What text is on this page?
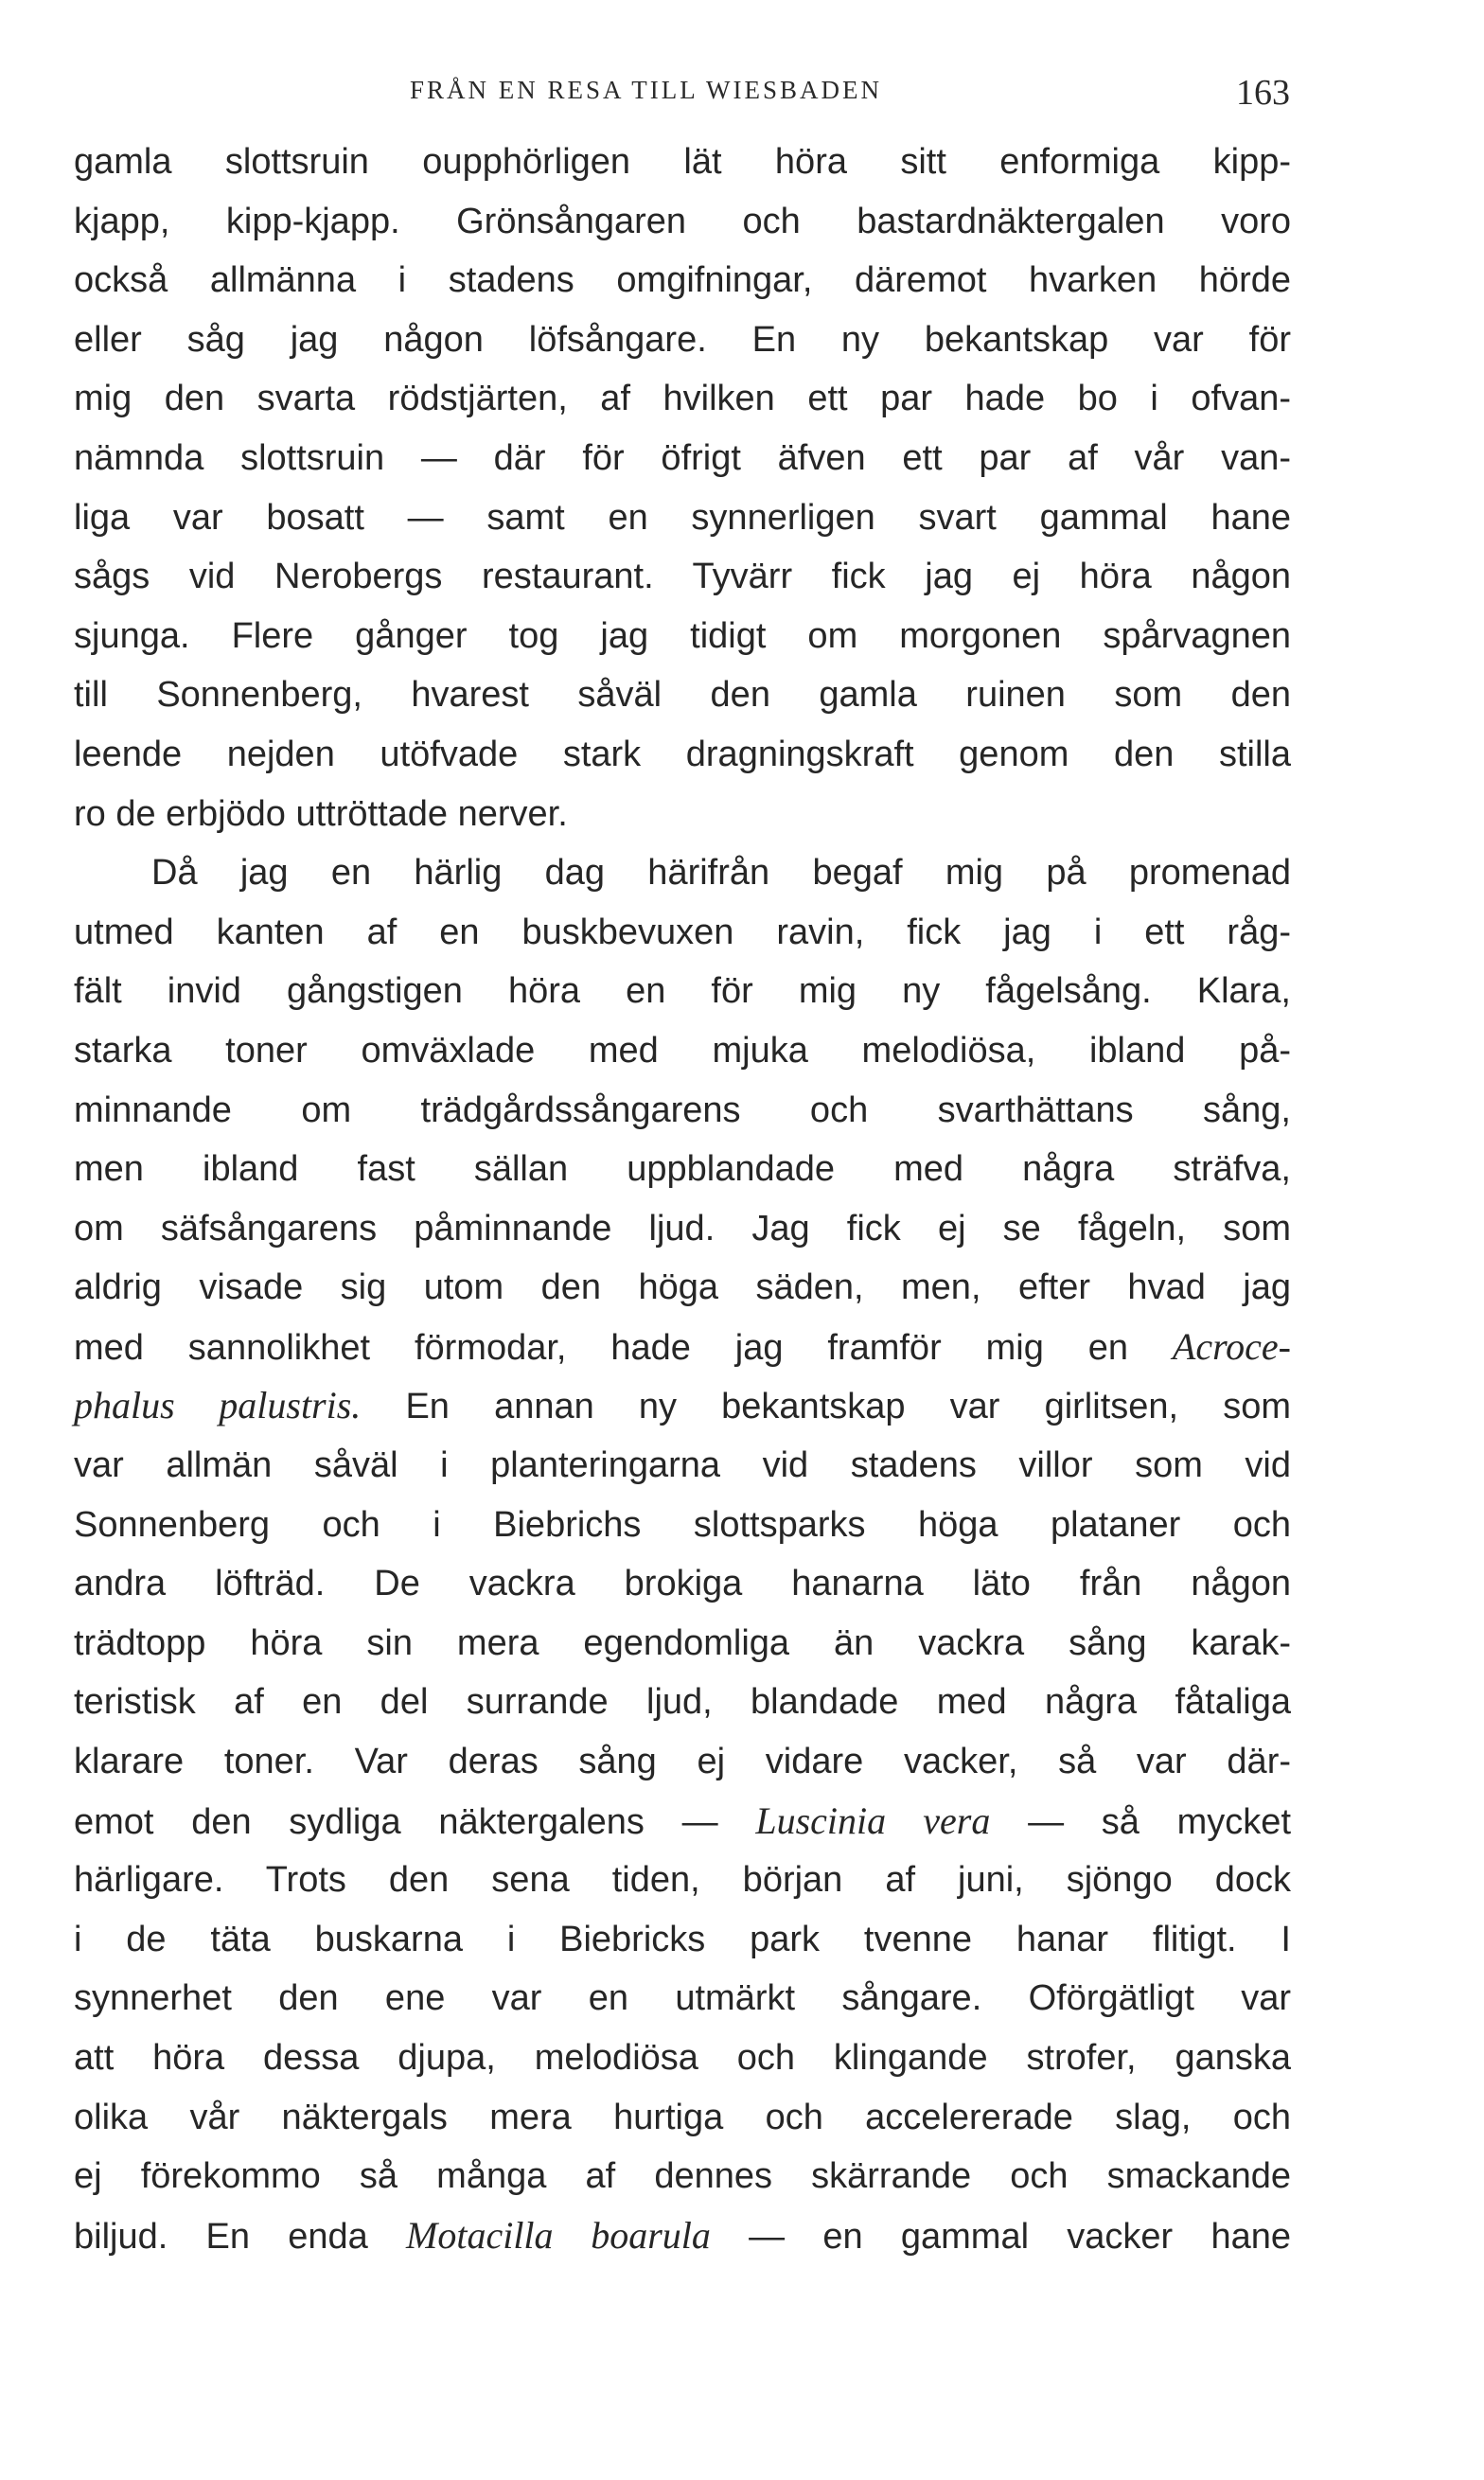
FRÅN EN RESA TILL WIESBADEN	163
gamla slottsruin oupphörligen lät höra sitt enformiga kipp-
kjapp, kipp-kjapp. Grönsångaren och bastardnäktergalen voro
också allmänna i stadens omgifningar, däremot hvarken hörde
eller såg jag någon löfsångare. En ny bekantskap var för
mig den svarta rödstjärten, af hvilken ett par hade bo i ofvan-
nämnda slottsruin — där för öfrigt äfven ett par af vår van-
liga var bosatt — samt en synnerligen svart gammal hane
sågs vid Nerobergs restaurant. Tyvärr fick jag ej höra någon
sjunga. Flere gånger tog jag tidigt om morgonen spårvagnen
till Sonnenberg, hvarest såväl den gamla ruinen som den
leende nejden utöfvade stark dragningskraft genom den stilla
ro de erbjödo uttröttade nerver.
Då jag en härlig dag härifrån begaf mig på promenad
utmed kanten af en buskbevuxen ravin, fick jag i ett råg-
fält invid gångstigen höra en för mig ny fågelsång. Klara,
starka toner omväxlade med mjuka melodiösa, ibland på-
minnande om trädgårdssångarens och svarthättans sång,
men ibland fast sällan uppblandade med några sträfva,
om säfsångarens påminnande ljud. Jag fick ej se fågeln, som
aldrig visade sig utom den höga säden, men, efter hvad jag
med sannolikhet förmodar, hade jag framför mig en Acroce-
phalus palustris. En annan ny bekantskap var girlitsen, som
var allmän såväl i planteringarna vid stadens villor som vid
Sonnenberg och i Biebrichs slottsparks höga plataner och
andra löfträd. De vackra brokiga hanarna läto från någon
trädtopp höra sin mera egendomliga än vackra sång karak-
teristisk af en del surrande ljud, blandade med några fåtaliga
klarare toner. Var deras sång ej vidare vacker, så var där-
emot den sydliga näktergalens — Luscinia vera — så mycket
härligare. Trots den sena tiden, början af juni, sjöngo dock
i de täta buskarna i Biebricks park tvenne hanar flitigt. I
synnerhet den ene var en utmärkt sångare. Oförgätligt var
att höra dessa djupa, melodiösa och klingande strofer, ganska
olika vår näktergals mera hurtiga och accelererade slag, och
ej förekommo så många af dennes skärrande och smackande
biljud. En enda Motacilla boarula — en gammal vacker hane
